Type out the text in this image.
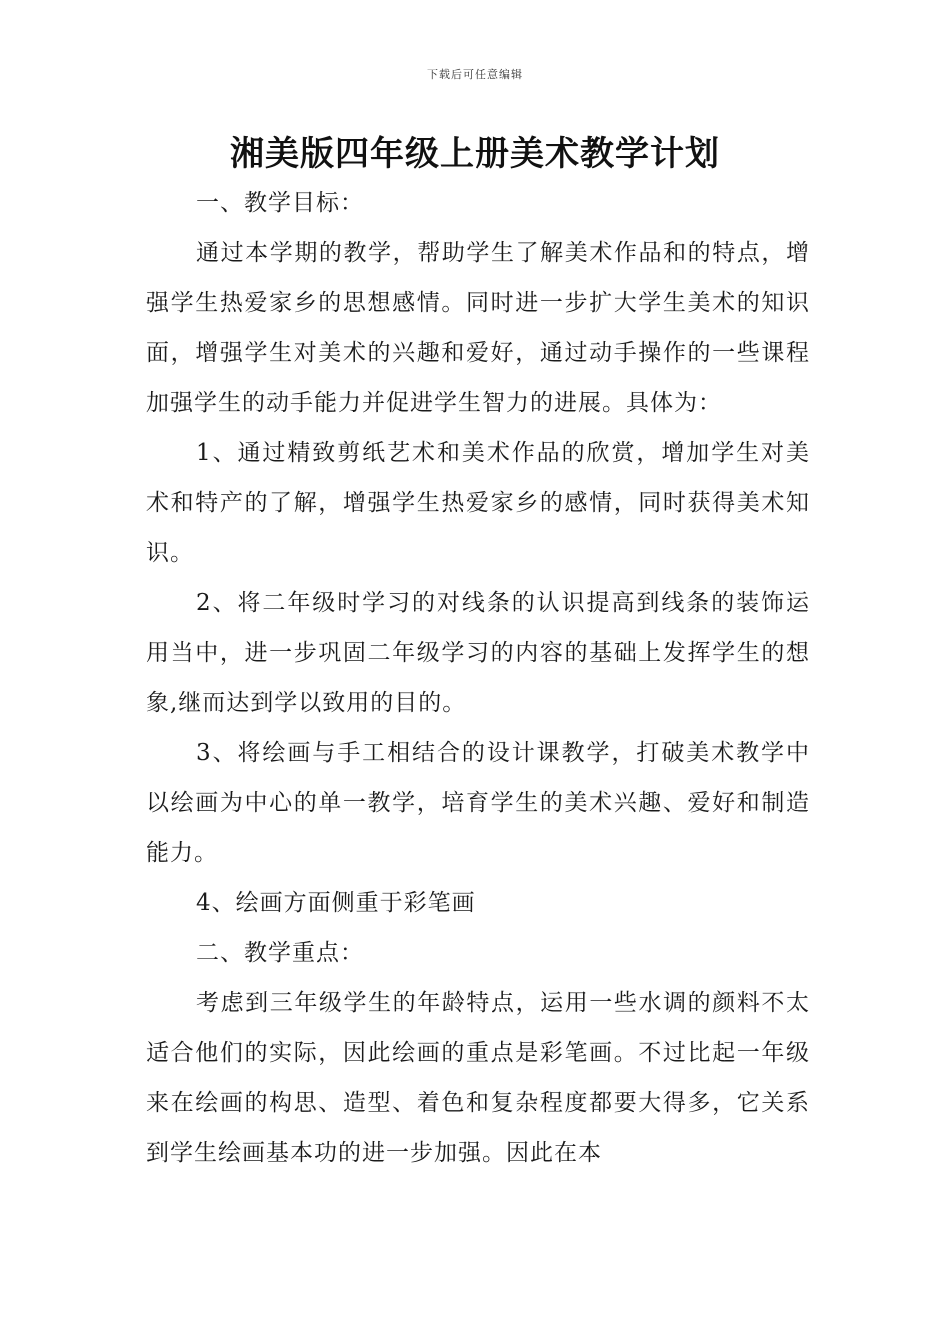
下载后可任意编辑
湘美版四年级上册美术教学计划

一、教学目标：

通过本学期的教学，帮助学生了解美术作品和的特点，增强学生热爱家乡的思想感情。同时进一步扩大学生美术的知识面，增强学生对美术的兴趣和爱好，通过动手操作的一些课程加强学生的动手能力并促进学生智力的进展。具体为：

1、通过精致剪纸艺术和美术作品的欣赏，增加学生对美术和特产的了解，增强学生热爱家乡的感情，同时获得美术知识。

2、将二年级时学习的对线条的认识提高到线条的装饰运用当中，进一步巩固二年级学习的内容的基础上发挥学生的想象,继而达到学以致用的目的。

3、将绘画与手工相结合的设计课教学，打破美术教学中以绘画为中心的单一教学，培育学生的美术兴趣、爱好和制造能力。

4、绘画方面侧重于彩笔画

二、教学重点：

考虑到三年级学生的年龄特点，运用一些水调的颜料不太适合他们的实际，因此绘画的重点是彩笔画。不过比起一年级来在绘画的构思、造型、着色和复杂程度都要大得多，它关系到学生绘画基本功的进一步加强。因此在本
